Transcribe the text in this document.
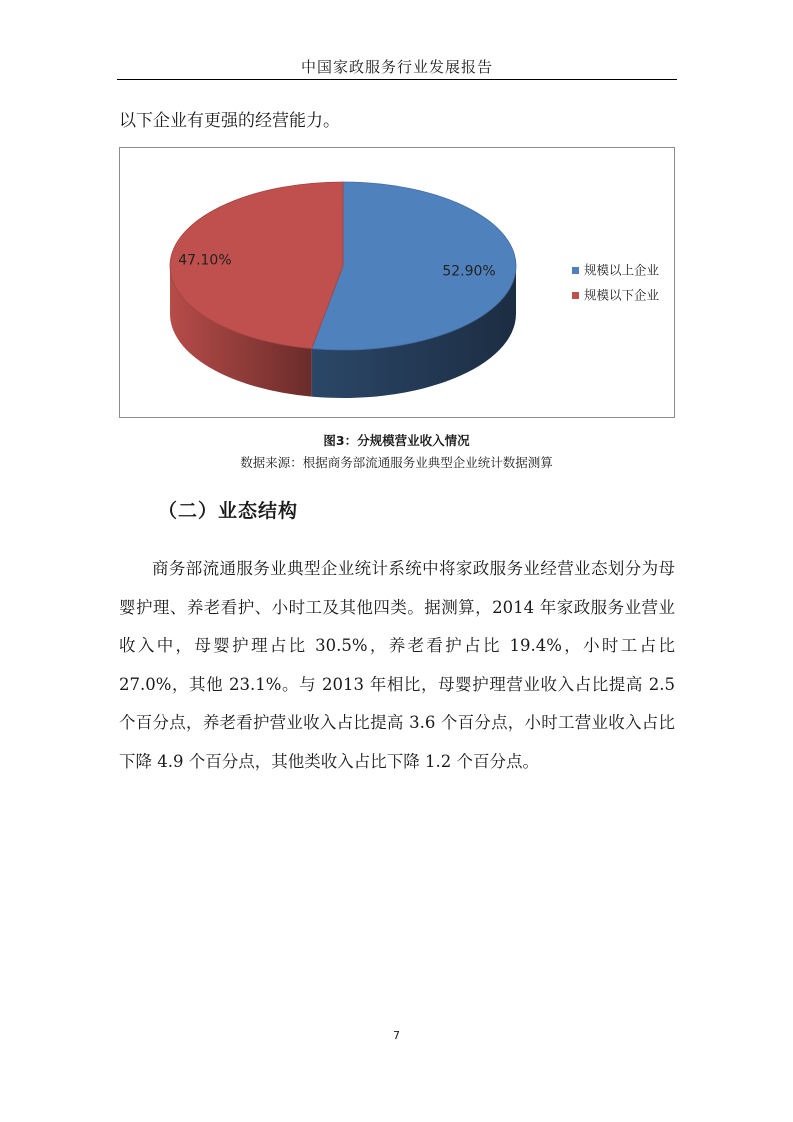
中国家政服务行业发展报告
以下企业有更强的经营能力。
52.90%
47.10%
规模以上企业
规模以下企业
图3：分规模营业收入情况
数据来源：根据商务部流通服务业典型企业统计数据测算
（二）业态结构
商务部流通服务业典型企业统计系统中将家政服务业经营业态划分为母婴护理、养老看护、小时工及其他四类。据测算，2014 年家政服务业营业收入中，母婴护理占比 30.5%，养老看护占比 19.4%，小时工占比 27.0%，其他 23.1%。与 2013 年相比，母婴护理营业收入占比提高 2.5 个百分点，养老看护营业收入占比提高 3.6 个百分点，小时工营业收入占比下降 4.9 个百分点，其他类收入占比下降 1.2 个百分点。
7
